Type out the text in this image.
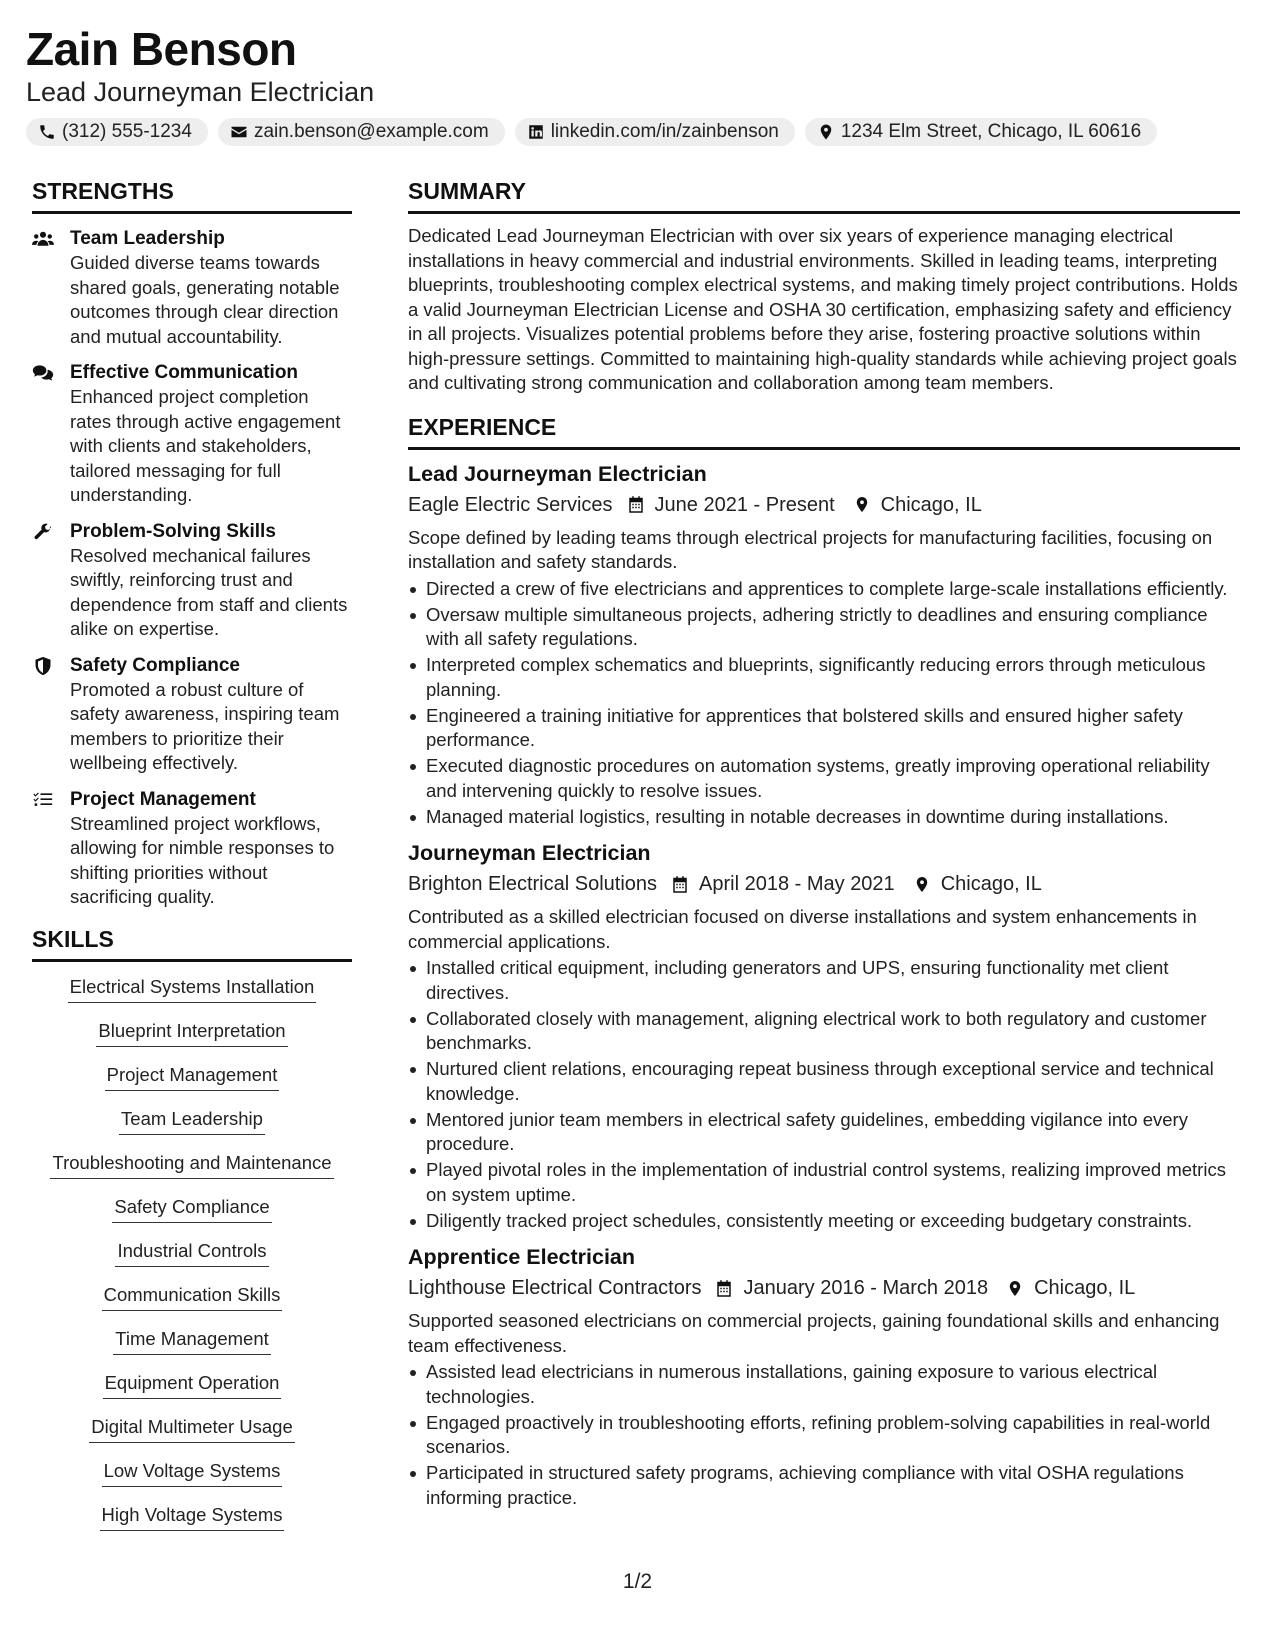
Zain Benson
Lead Journeyman Electrician
(312) 555-1234	zain.benson@example.com	linkedin.com/in/zainbenson	1234 Elm Street, Chicago, IL 60616
STRENGTHS
Team Leadership
Guided diverse teams towards shared goals, generating notable outcomes through clear direction and mutual accountability.
Effective Communication
Enhanced project completion rates through active engagement with clients and stakeholders, tailored messaging for full understanding.
Problem-Solving Skills
Resolved mechanical failures swiftly, reinforcing trust and dependence from staff and clients alike on expertise.
Safety Compliance
Promoted a robust culture of safety awareness, inspiring team members to prioritize their wellbeing effectively.
Project Management
Streamlined project workflows, allowing for nimble responses to shifting priorities without sacrificing quality.
SKILLS
Electrical Systems Installation
Blueprint Interpretation
Project Management
Team Leadership
Troubleshooting and Maintenance
Safety Compliance
Industrial Controls
Communication Skills
Time Management
Equipment Operation
Digital Multimeter Usage
Low Voltage Systems
High Voltage Systems
SUMMARY
Dedicated Lead Journeyman Electrician with over six years of experience managing electrical installations in heavy commercial and industrial environments. Skilled in leading teams, interpreting blueprints, troubleshooting complex electrical systems, and making timely project contributions. Holds a valid Journeyman Electrician License and OSHA 30 certification, emphasizing safety and efficiency in all projects. Visualizes potential problems before they arise, fostering proactive solutions within high-pressure settings. Committed to maintaining high-quality standards while achieving project goals and cultivating strong communication and collaboration among team members.
EXPERIENCE
Lead Journeyman Electrician
Eagle Electric Services June 2021 - Present Chicago, IL
Scope defined by leading teams through electrical projects for manufacturing facilities, focusing on installation and safety standards.
Directed a crew of five electricians and apprentices to complete large-scale installations efficiently.
Oversaw multiple simultaneous projects, adhering strictly to deadlines and ensuring compliance with all safety regulations.
Interpreted complex schematics and blueprints, significantly reducing errors through meticulous planning.
Engineered a training initiative for apprentices that bolstered skills and ensured higher safety performance.
Executed diagnostic procedures on automation systems, greatly improving operational reliability and intervening quickly to resolve issues.
Managed material logistics, resulting in notable decreases in downtime during installations.
Journeyman Electrician
Brighton Electrical Solutions April 2018 - May 2021 Chicago, IL
Contributed as a skilled electrician focused on diverse installations and system enhancements in commercial applications.
Installed critical equipment, including generators and UPS, ensuring functionality met client directives.
Collaborated closely with management, aligning electrical work to both regulatory and customer benchmarks.
Nurtured client relations, encouraging repeat business through exceptional service and technical knowledge.
Mentored junior team members in electrical safety guidelines, embedding vigilance into every procedure.
Played pivotal roles in the implementation of industrial control systems, realizing improved metrics on system uptime.
Diligently tracked project schedules, consistently meeting or exceeding budgetary constraints.
Apprentice Electrician
Lighthouse Electrical Contractors January 2016 - March 2018 Chicago, IL
Supported seasoned electricians on commercial projects, gaining foundational skills and enhancing team effectiveness.
Assisted lead electricians in numerous installations, gaining exposure to various electrical technologies.
Engaged proactively in troubleshooting efforts, refining problem-solving capabilities in real-world scenarios.
Participated in structured safety programs, achieving compliance with vital OSHA regulations informing practice.
1/2
